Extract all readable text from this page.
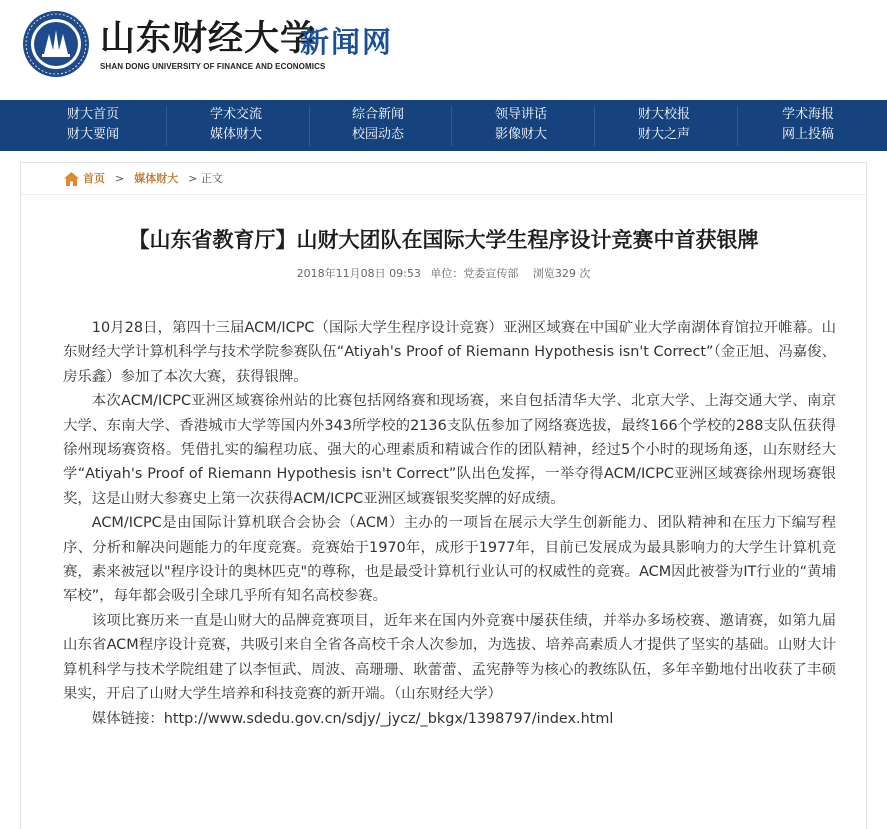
山东财经大学
SHAN DONG UNIVERSITY OF FINANCE AND ECONOMICS
新闻网
财大首页
财大要闻
学术交流
媒体财大
综合新闻
校园动态
领导讲话
影像财大
财大校报
财大之声
学术海报
网上投稿
首页 > 媒体财大 > 正文
【山东省教育厅】山财大团队在国际大学生程序设计竞赛中首获银牌
2018年11月08日 09:53 单位：党委宣传部 浏览329 次

10月28日，第四十三届ACM/ICPC（国际大学生程序设计竞赛）亚洲区域赛在中国矿业大学南湖体育馆拉开帷幕。山东财经大学计算机科学与技术学院参赛队伍“Atiyah's Proof of Riemann Hypothesis isn't Correct”（金正旭、冯嘉俊、房乐鑫）参加了本次大赛，获得银牌。

本次ACM/ICPC亚洲区域赛徐州站的比赛包括网络赛和现场赛，来自包括清华大学、北京大学、上海交通大学、南京大学、东南大学、香港城市大学等国内外343所学校的2136支队伍参加了网络赛选拔，最终166个学校的288支队伍获得徐州现场赛资格。凭借扎实的编程功底、强大的心理素质和精诚合作的团队精神，经过5个小时的现场角逐，山东财经大学“Atiyah's Proof of Riemann Hypothesis isn't Correct”队出色发挥，一举夺得ACM/ICPC亚洲区域赛徐州现场赛银奖，这是山财大参赛史上第一次获得ACM/ICPC亚洲区域赛银奖奖牌的好成绩。

ACM/ICPC是由国际计算机联合会协会（ACM）主办的一项旨在展示大学生创新能力、团队精神和在压力下编写程序、分析和解决问题能力的年度竞赛。竞赛始于1970年，成形于1977年，目前已发展成为最具影响力的大学生计算机竞赛，素来被冠以"程序设计的奥林匹克"的尊称，也是最受计算机行业认可的权威性的竞赛。ACM因此被誉为IT行业的“黄埔军校”，每年都会吸引全球几乎所有知名高校参赛。

该项比赛历来一直是山财大的品牌竞赛项目，近年来在国内外竞赛中屡获佳绩，并举办多场校赛、邀请赛，如第九届山东省ACM程序设计竞赛，共吸引来自全省各高校千余人次参加，为选拔、培养高素质人才提供了坚实的基础。山财大计算机科学与技术学院组建了以李恒武、周波、高珊珊、耿蕾蕾、孟宪静等为核心的教练队伍，多年辛勤地付出收获了丰硕果实，开启了山财大学生培养和科技竞赛的新开端。（山东财经大学）

媒体链接：http://www.sdedu.gov.cn/sdjy/_jycz/_bkgx/1398797/index.html
